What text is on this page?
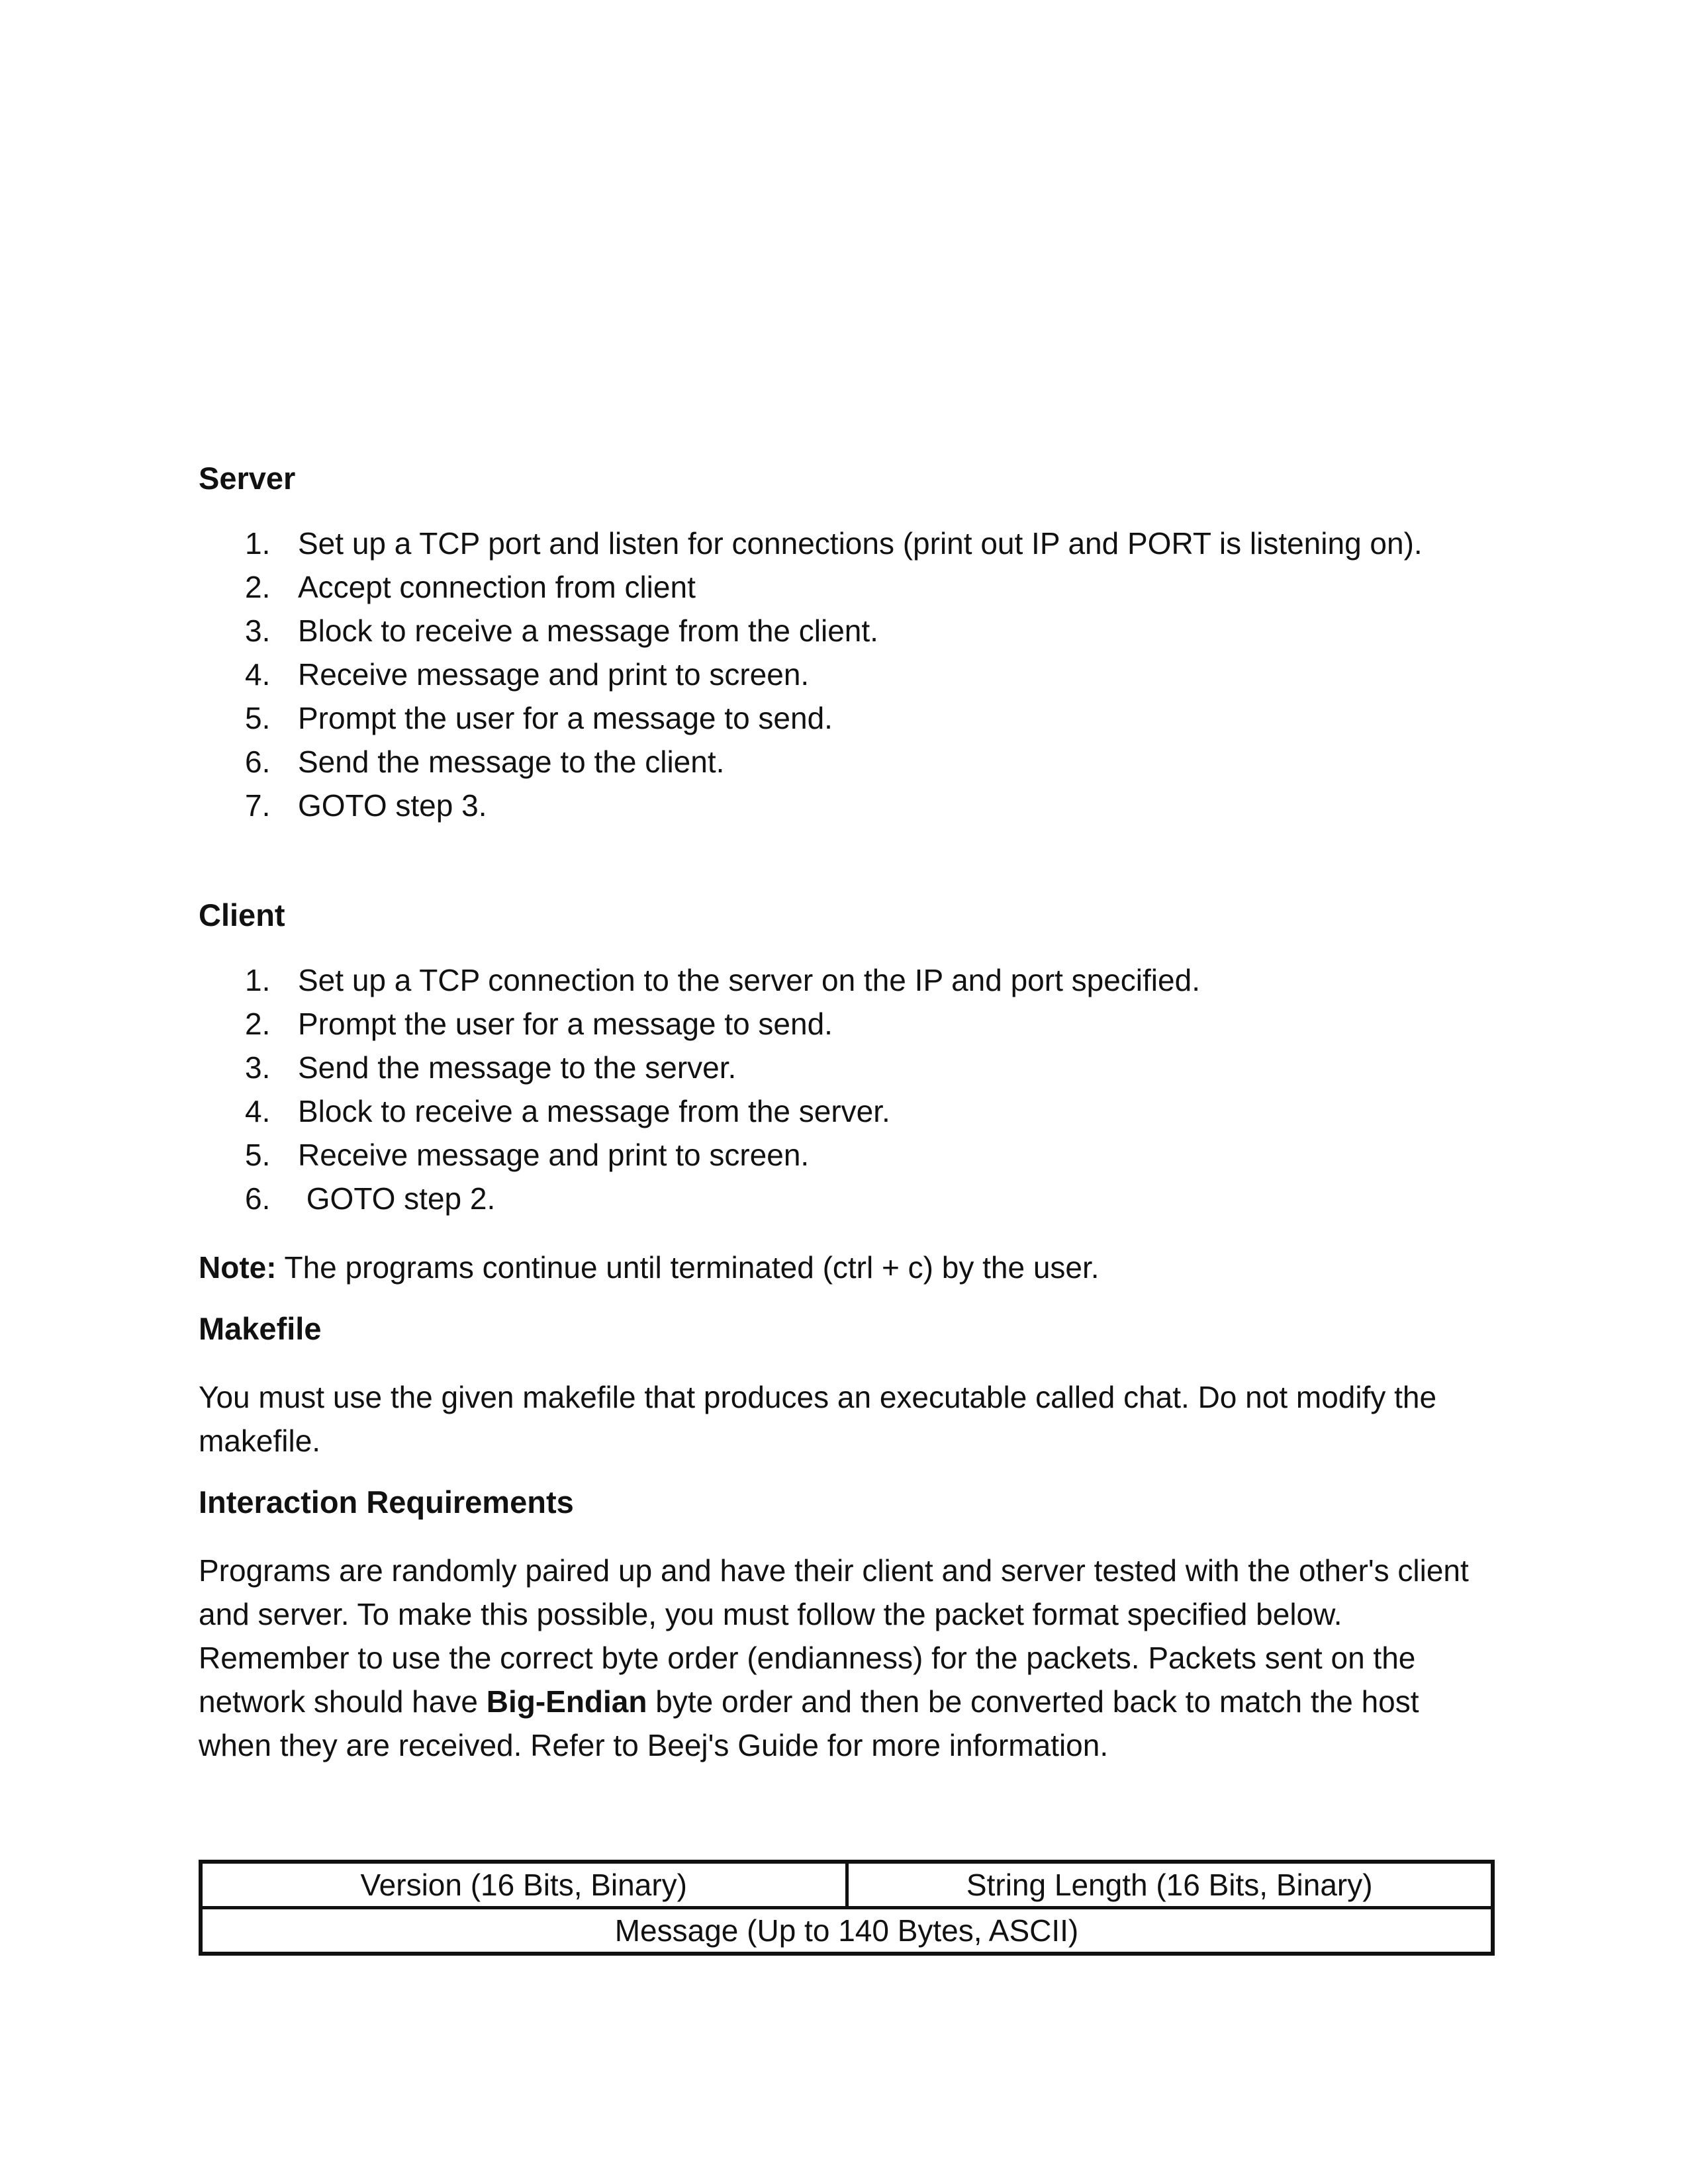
Server
1. Set up a TCP port and listen for connections (print out IP and PORT is listening on).
2. Accept connection from client
3. Block to receive a message from the client.
4. Receive message and print to screen.
5. Prompt the user for a message to send.
6. Send the message to the client.
7. GOTO step 3.
Client
1. Set up a TCP connection to the server on the IP and port specified.
2. Prompt the user for a message to send.
3. Send the message to the server.
4. Block to receive a message from the server.
5. Receive message and print to screen.
6. GOTO step 2.

Note: The programs continue until terminated (ctrl + c) by the user.

Makefile

You must use the given makefile that produces an executable called chat. Do not modify the makefile.

Interaction Requirements

Programs are randomly paired up and have their client and server tested with the other's client and server. To make this possible, you must follow the packet format specified below. Remember to use the correct byte order (endianness) for the packets. Packets sent on the network should have Big-Endian byte order and then be converted back to match the host when they are received. Refer to Beej's Guide for more information.

Version (16 Bits, Binary)	String Length (16 Bits, Binary)
Message (Up to 140 Bytes, ASCII)
